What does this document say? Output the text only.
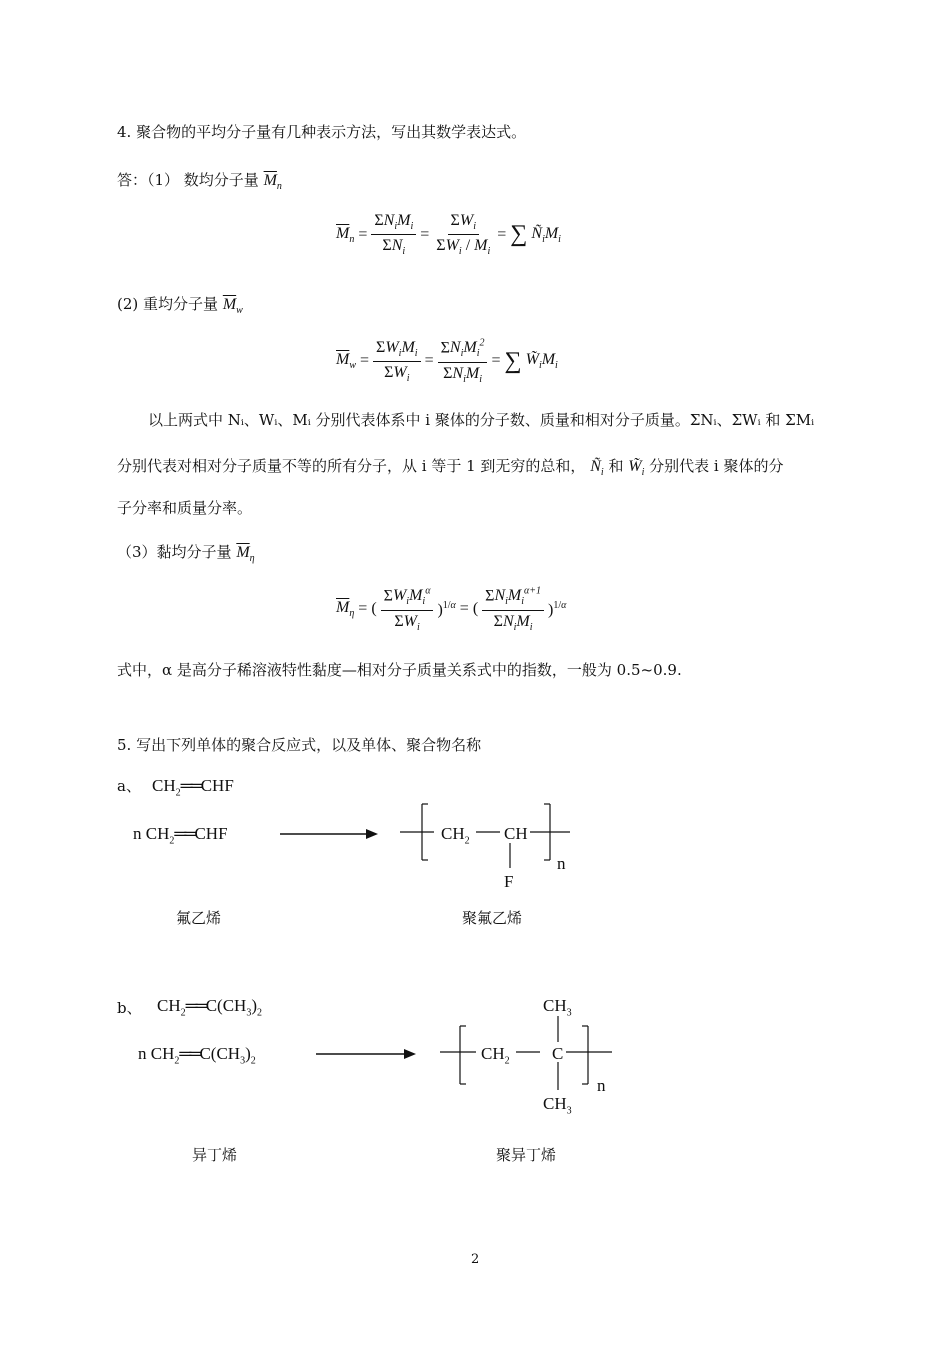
4. 聚合物的平均分子量有几种表示方法，写出其数学表达式。
答：（1） 数均分子量 $\overline{M}_n$
$\overline{M}_n = \frac{\Sigma N_iM_i}{\Sigma N_i} = \frac{\Sigma W_i}{\Sigma W_i / M_i}$ = ∑ $Ñ_iM_i$
(2) 重均分子量 $\overline{M}_w$
$\overline{M}_w = \frac{\Sigma W_iM_i}{\Sigma W_i} = \frac{\Sigma N_iM_i^2}{\Sigma N_iM_i}$ = ∑ $W̃_iM_i$
以上两式中 Nᵢ、Wᵢ、Mᵢ 分别代表体系中 i 聚体的分子数、质量和相对分子质量。ΣNᵢ、ΣWᵢ 和 ΣMᵢ
分别代表对相对分子质量不等的所有分子，从 i 等于 1 到无穷的总和， $Ñ_i$ 和 $W̃_i$ 分别代表 i 聚体的分
子分率和质量分率。
（3）黏均分子量 $\overline{M}_\eta$
$\overline{M}_\eta$ = ( $\frac{\Sigma W_iM_i^\alpha}{\Sigma W_i} )^{1/\alpha}$ = ( $\frac{\Sigma N_iM_i^{\alpha+1}}{\Sigma N_iM_i} )^{1/\alpha}$
式中，α 是高分子稀溶液特性黏度—相对分子质量关系式中的指数，一般为 0.5~0.9.
5. 写出下列单体的聚合反应式，以及单体、聚合物名称
a、 $CH_2══CHF$
n $CH_2══CHF$	$CH_2$ CH
F
n
氟乙烯	聚氟乙烯
b、 $CH_2══C(CH_3)_2$
n $CH_2══C(CH_3)_2$
$CH_3$
$CH_2$ C
$CH_3$
n
异丁烯	聚异丁烯
2
